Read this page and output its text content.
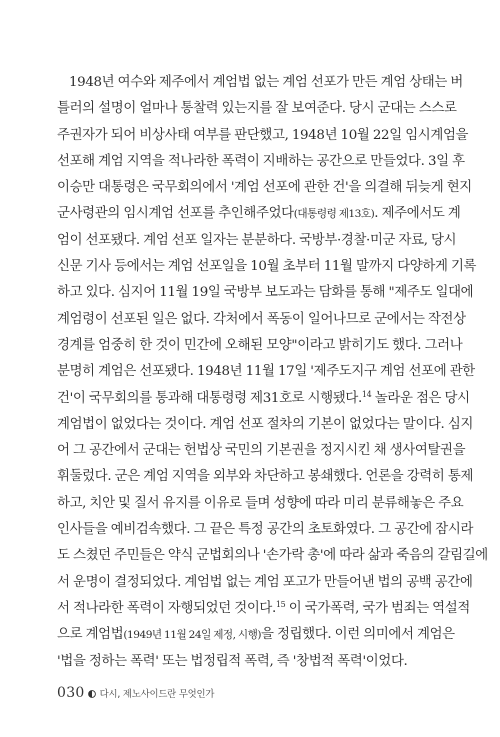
1948년 여수와 제주에서 계엄법 없는 계엄 선포가 만든 계엄 상태는 버
틀러의 설명이 얼마나 통찰력 있는지를 잘 보여준다. 당시 군대는 스스로
주권자가 되어 비상사태 여부를 판단했고, 1948년 10월 22일 임시계엄을
선포해 계엄 지역을 적나라한 폭력이 지배하는 공간으로 만들었다. 3일 후
이승만 대통령은 국무회의에서 '계엄 선포에 관한 건'을 의결해 뒤늦게 현지
군사령관의 임시계엄 선포를 추인해주었다(대통령령 제13호). 제주에서도 계
엄이 선포됐다. 계엄 선포 일자는 분분하다. 국방부·경찰·미군 자료, 당시
신문 기사 등에서는 계엄 선포일을 10월 초부터 11월 말까지 다양하게 기록
하고 있다. 심지어 11월 19일 국방부 보도과는 담화를 통해 "제주도 일대에
계엄령이 선포된 일은 없다. 각처에서 폭동이 일어나므로 군에서는 작전상
경계를 엄중히 한 것이 민간에 오해된 모양"이라고 밝히기도 했다. 그러나
분명히 계엄은 선포됐다. 1948년 11월 17일 '제주도지구 계엄 선포에 관한
건'이 국무회의를 통과해 대통령령 제31호로 시행됐다.$^{14}$ 놀라운 점은 당시
계엄법이 없었다는 것이다. 계엄 선포 절차의 기본이 없었다는 말이다. 심지
어 그 공간에서 군대는 헌법상 국민의 기본권을 정지시킨 채 생사여탈권을
휘둘렀다. 군은 계엄 지역을 외부와 차단하고 봉쇄했다. 언론을 강력히 통제
하고, 치안 및 질서 유지를 이유로 들며 성향에 따라 미리 분류해놓은 주요
인사들을 예비검속했다. 그 끝은 특정 공간의 초토화였다. 그 공간에 잠시라
도 스쳤던 주민들은 약식 군법회의나 '손가락 총'에 따라 삶과 죽음의 갈림길에
서 운명이 결정되었다. 계엄법 없는 계엄 포고가 만들어낸 법의 공백 공간에
서 적나라한 폭력이 자행되었던 것이다.$^{15}$ 이 국가폭력, 국가 범죄는 역설적
으로 계엄법(1949년 11월 24일 제정, 시행)을 정립했다. 이런 의미에서 계엄은
'법을 정하는 폭력' 또는 법정립적 폭력, 즉 '창법적 폭력'이었다.
030 다시, 제노사이드란 무엇인가
